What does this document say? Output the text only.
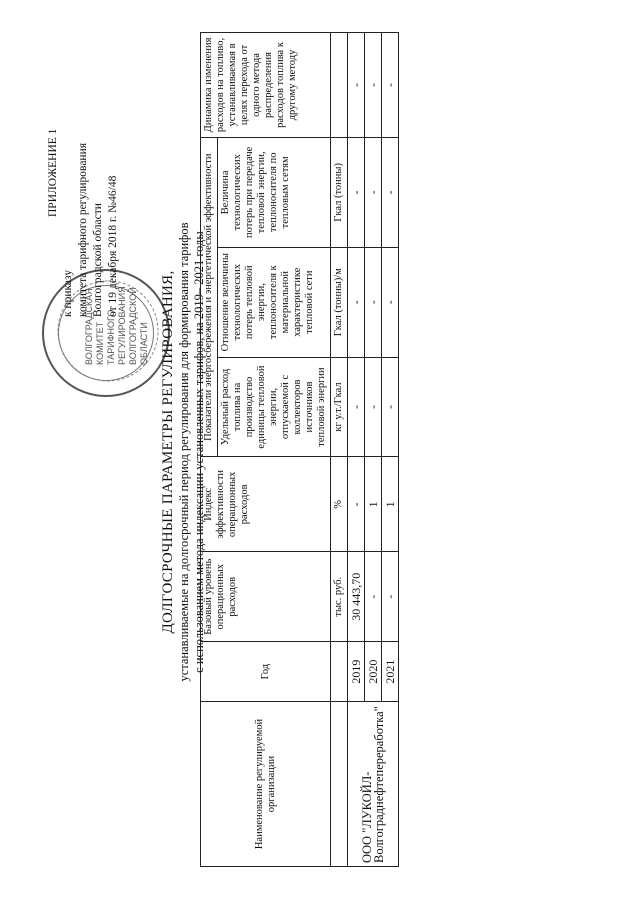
ВОЛГОГРАДСКАЯ КОМИТЕТ ТАРИФНОГО РЕГУЛИРОВАНИЯ ВОЛГОГРАДСКОЙ ОБЛАСТИ
ПРИЛОЖЕНИЕ 1
к приказу комитета тарифного регулирования Волгоградской области от 19 декабря 2018 г. №46/48
ДОЛГОСРОЧНЫЕ ПАРАМЕТРЫ РЕГУЛИРОВАНИЯ, устанавливаемые на долгосрочный период регулирования для формирования тарифов с использованием метода индексации установленных тарифов, на 2019– 2021 годы
Наименование регулируемой организации	Год	Базовый уровень операционных расходов	Индекс эффективности операционных расходов	Показатели энергосбережения и энергетической эффективности			Динамика изменения расходов на топливо, устанавливаемая в целях перехода от одного метода распределения расходов топлива к другому методу
				Удельный расход топлива на производство единицы тепловой энергии, отпускаемой с коллекторов источников тепловой энергии	Отношение величины технологических потерь тепловой энергии, теплоносителя к материальной характеристике тепловой сети	Величина технологических потерь при передаче тепловой энергии, теплоносителя по тепловым сетям	
		тыс. руб.	%	кг у.т./Гкал	Гкал (тонны)/м	Гкал (тонны)	
ООО "ЛУКОЙЛ-Волгограднефтепереработка"	2019	30 443,70	-	-	-	-	-
	2020	-	1	-	-	-	-
	2021	-	1	-	-	-	-
